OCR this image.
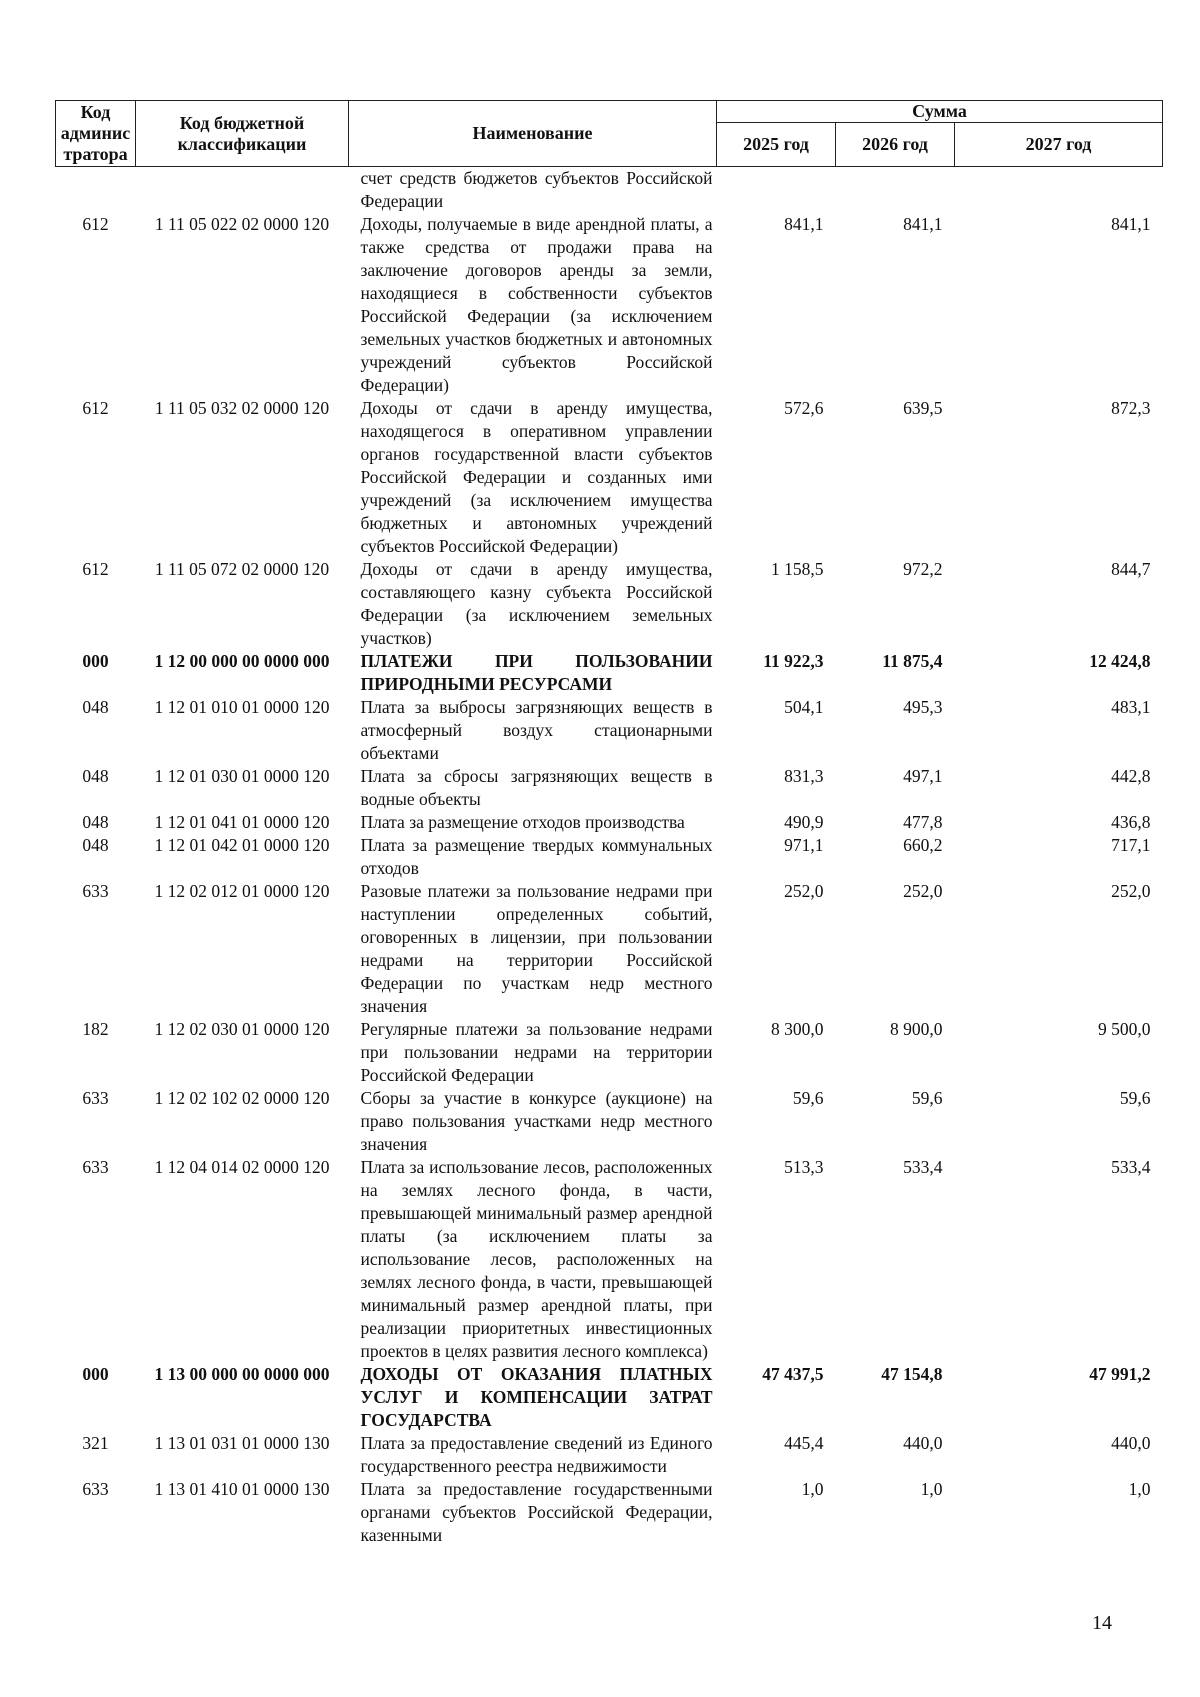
Код админис тратора	Код бюджетной классификации	Наименование	Сумма		
			2025 год	2026 год	2027 год
		счет средств бюджетов субъектов Российской Федерации			
612	1 11 05 022 02 0000 120	Доходы, получаемые в виде арендной платы, а также средства от продажи права на заключение договоров аренды за земли, находящиеся в собственности субъектов Российской Федерации (за исключением земельных участков бюджетных и автономных учреждений субъектов Российской Федерации)	841,1	841,1	841,1
612	1 11 05 032 02 0000 120	Доходы от сдачи в аренду имущества, находящегося в оперативном управлении органов государственной власти субъектов Российской Федерации и созданных ими учреждений (за исключением имущества бюджетных и автономных учреждений субъектов Российской Федерации)	572,6	639,5	872,3
612	1 11 05 072 02 0000 120	Доходы от сдачи в аренду имущества, составляющего казну субъекта Российской Федерации (за исключением земельных участков)	1 158,5	972,2	844,7
000	1 12 00 000 00 0000 000	ПЛАТЕЖИ ПРИ ПОЛЬЗОВАНИИ ПРИРОДНЫМИ РЕСУРСАМИ	11 922,3	11 875,4	12 424,8
048	1 12 01 010 01 0000 120	Плата за выбросы загрязняющих веществ в атмосферный воздух стационарными объектами	504,1	495,3	483,1
048	1 12 01 030 01 0000 120	Плата за сбросы загрязняющих веществ в водные объекты	831,3	497,1	442,8
048	1 12 01 041 01 0000 120	Плата за размещение отходов производства	490,9	477,8	436,8
048	1 12 01 042 01 0000 120	Плата за размещение твердых коммунальных отходов	971,1	660,2	717,1
633	1 12 02 012 01 0000 120	Разовые платежи за пользование недрами при наступлении определенных событий, оговоренных в лицензии, при пользовании недрами на территории Российской Федерации по участкам недр местного значения	252,0	252,0	252,0
182	1 12 02 030 01 0000 120	Регулярные платежи за пользование недрами при пользовании недрами на территории Российской Федерации	8 300,0	8 900,0	9 500,0
633	1 12 02 102 02 0000 120	Сборы за участие в конкурсе (аукционе) на право пользования участками недр местного значения	59,6	59,6	59,6
633	1 12 04 014 02 0000 120	Плата за использование лесов, расположенных на землях лесного фонда, в части, превышающей минимальный размер арендной платы (за исключением платы за использование лесов, расположенных на землях лесного фонда, в части, превышающей минимальный размер арендной платы, при реализации приоритетных инвестиционных проектов в целях развития лесного комплекса)	513,3	533,4	533,4
000	1 13 00 000 00 0000 000	ДОХОДЫ ОТ ОКАЗАНИЯ ПЛАТНЫХ УСЛУГ И КОМПЕНСАЦИИ ЗАТРАТ ГОСУДАРСТВА	47 437,5	47 154,8	47 991,2
321	1 13 01 031 01 0000 130	Плата за предоставление сведений из Единого государственного реестра недвижимости	445,4	440,0	440,0
633	1 13 01 410 01 0000 130	Плата за предоставление государственными органами субъектов Российской Федерации, казенными	1,0	1,0	1,0
14
